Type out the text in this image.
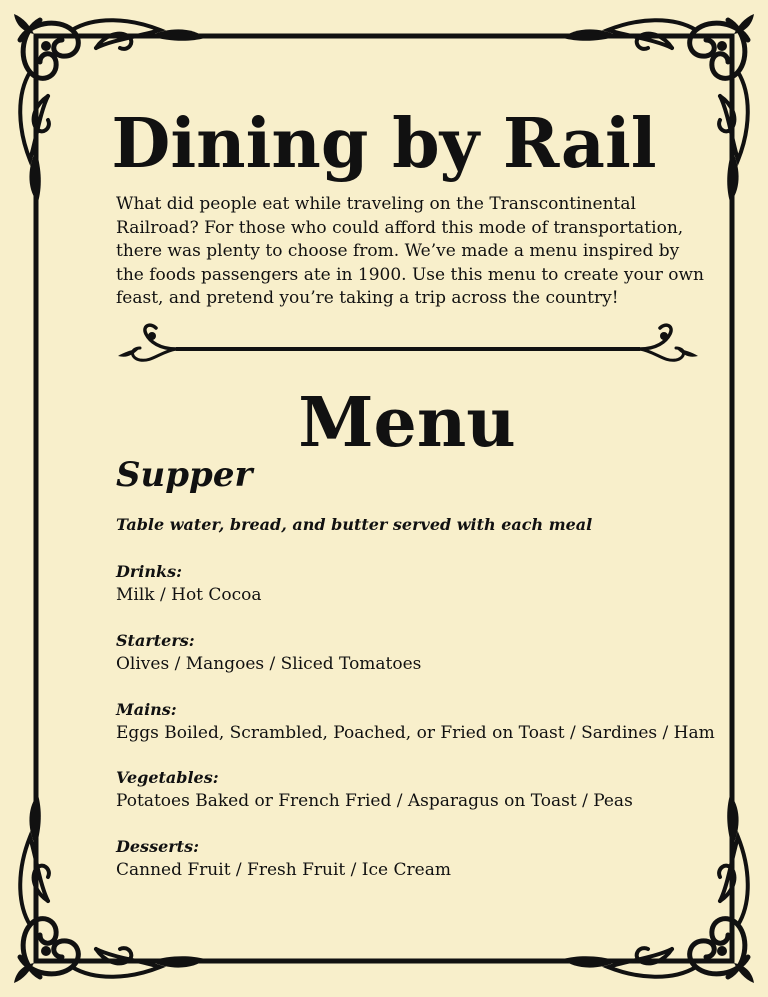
Dining by Rail

What did people eat while traveling on the Transcontinental Railroad? For those who could afford this mode of transportation, there was plenty to choose from. We’ve made a menu inspired by the foods passengers ate in 1900. Use this menu to create your own feast, and pretend you’re taking a trip across the country!

Menu
Supper

Table water, bread, and butter served with each meal

Drinks:
Milk / Hot Cocoa
Starters:
Olives / Mangoes / Sliced Tomatoes
Mains:
Eggs Boiled, Scrambled, Poached, or Fried on Toast / Sardines / Ham
Vegetables:
Potatoes Baked or French Fried / Asparagus on Toast / Peas
Desserts:
Canned Fruit / Fresh Fruit / Ice Cream
